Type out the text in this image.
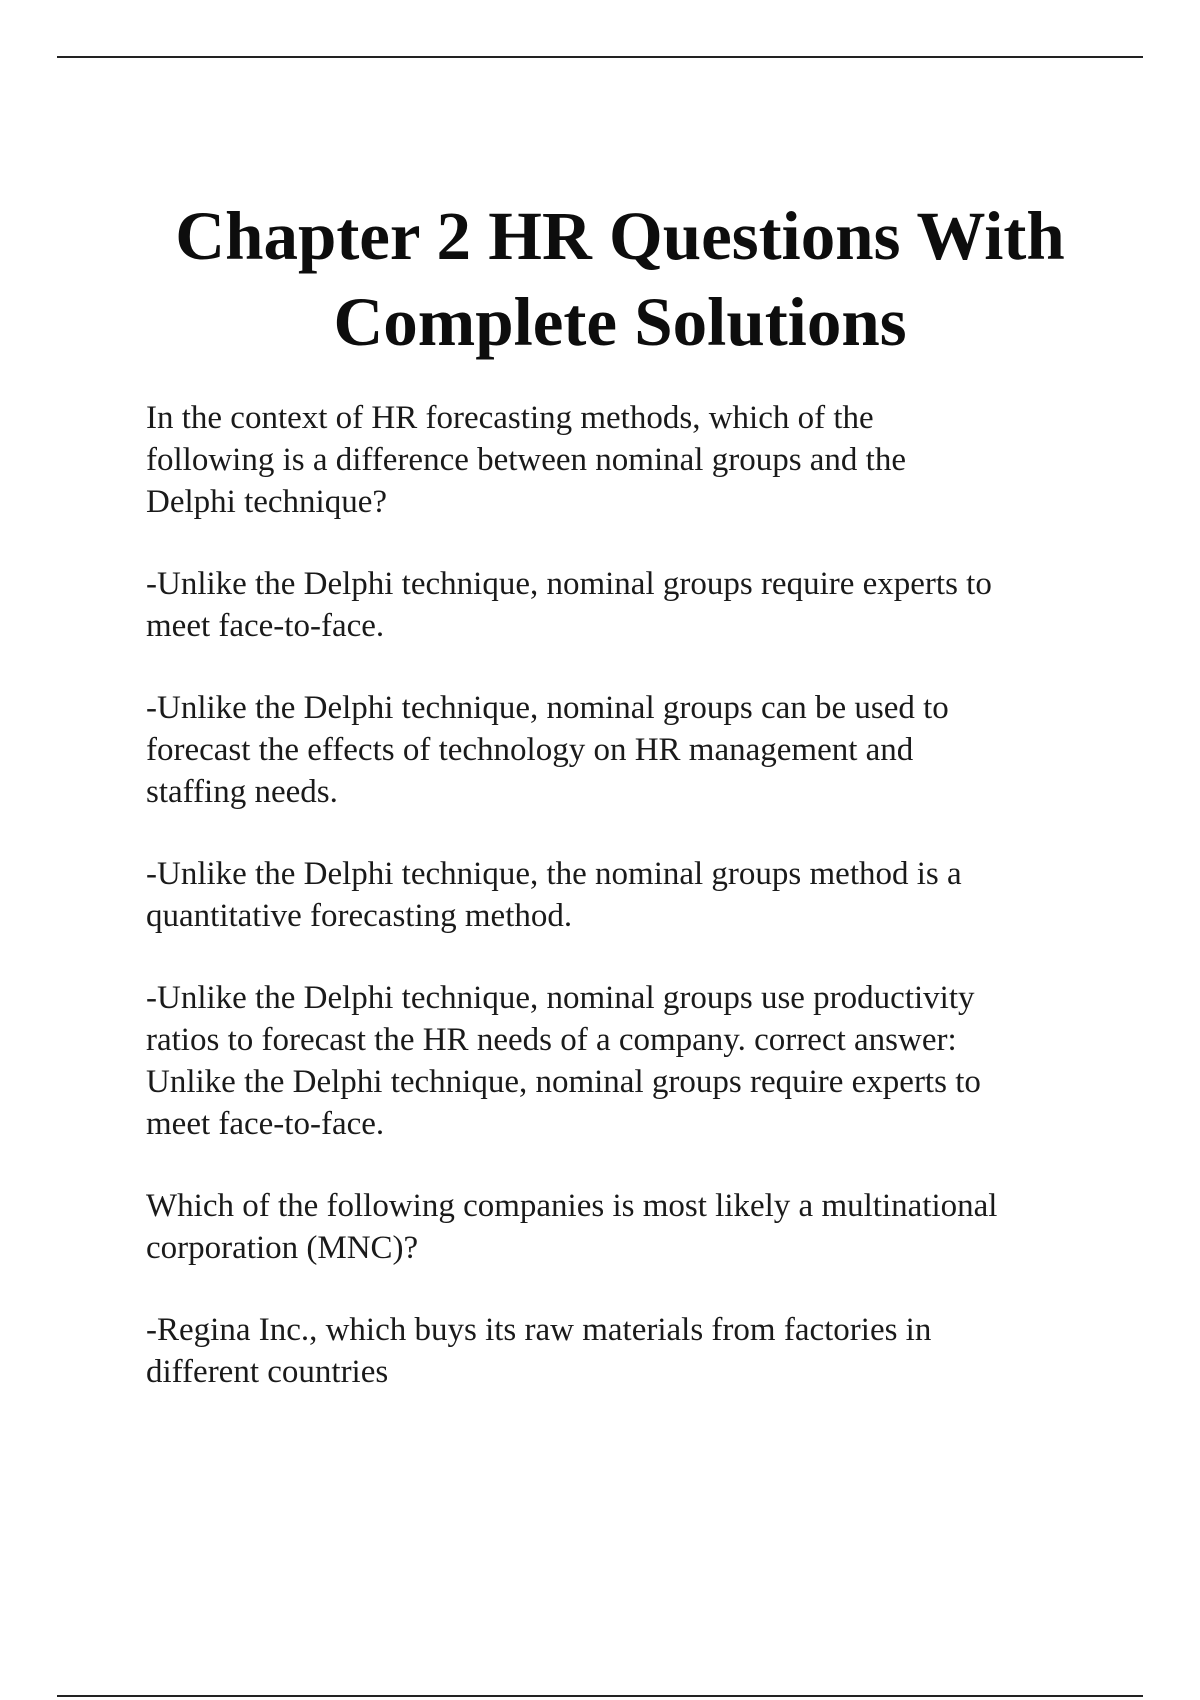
Chapter 2 HR Questions With
Complete Solutions

In the context of HR forecasting methods, which of the
following is a difference between nominal groups and the
Delphi technique?

-Unlike the Delphi technique, nominal groups require experts to
meet face-to-face.

-Unlike the Delphi technique, nominal groups can be used to
forecast the effects of technology on HR management and
staffing needs.

-Unlike the Delphi technique, the nominal groups method is a
quantitative forecasting method.

-Unlike the Delphi technique, nominal groups use productivity
ratios to forecast the HR needs of a company. correct answer:
Unlike the Delphi technique, nominal groups require experts to
meet face-to-face.

Which of the following companies is most likely a multinational
corporation (MNC)?

-Regina Inc., which buys its raw materials from factories in
different countries
